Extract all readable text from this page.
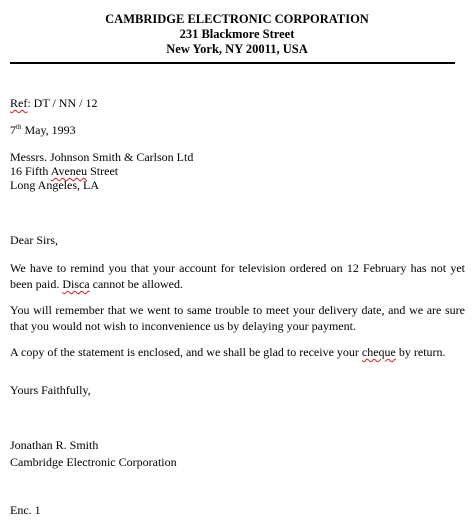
CAMBRIDGE ELECTRONIC CORPORATION
231 Blackmore Street
New York, NY 20011, USA
Ref: DT / NN / 12
7th May, 1993
Messrs. Johnson Smith & Carlson Ltd
16 Fifth Aveneu Street
Long Angeles, LA
Dear Sirs,
We have to remind you that your account for television ordered on 12 February has not yet been paid. Disca cannot be allowed.
You will remember that we went to same trouble to meet your delivery date, and we are sure that you would not wish to inconvenience us by delaying your payment.
A copy of the statement is enclosed, and we shall be glad to receive your cheque by return.
Yours Faithfully,
Jonathan R. Smith
Cambridge Electronic Corporation
Enc. 1
